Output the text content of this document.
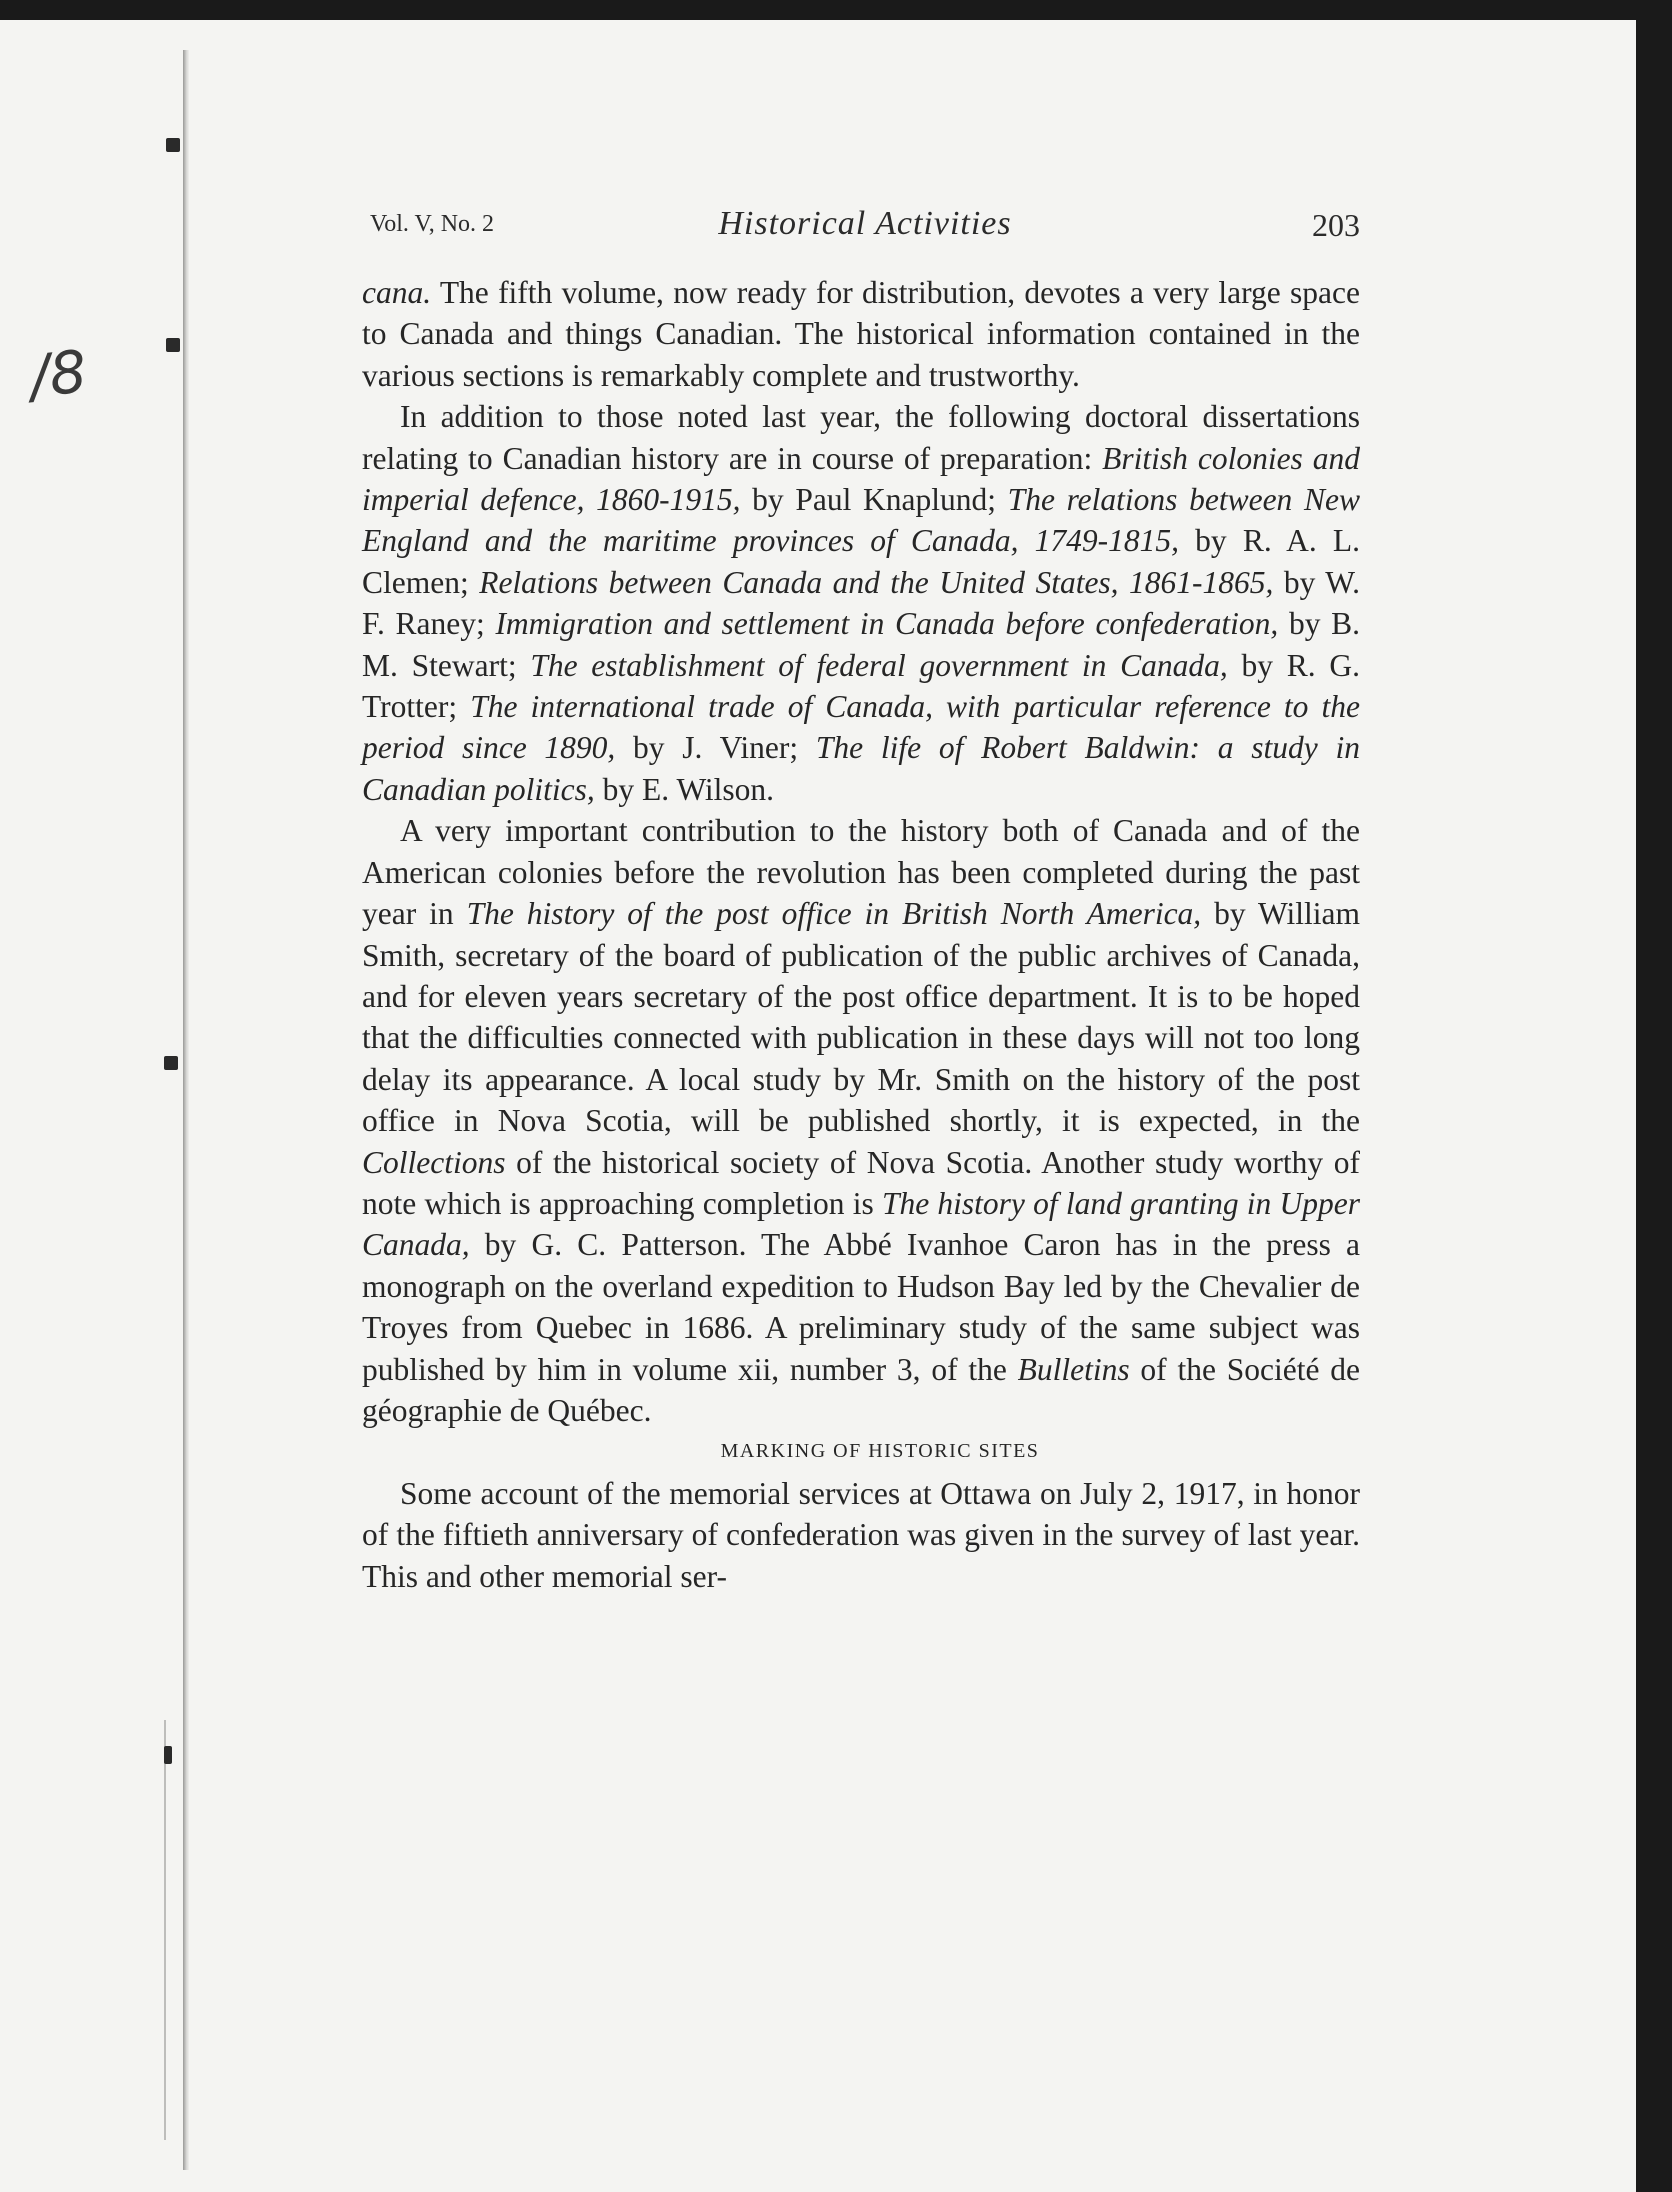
/8
Vol. V, No. 2	Historical Activities	203

cana. The fifth volume, now ready for distribution, devotes a very large space to Canada and things Canadian. The historical information contained in the various sections is remarkably complete and trustworthy.

In addition to those noted last year, the following doctoral dissertations relating to Canadian history are in course of preparation: British colonies and imperial defence, 1860-1915, by Paul Knaplund; The relations between New England and the maritime provinces of Canada, 1749-1815, by R. A. L. Clemen; Relations between Canada and the United States, 1861-1865, by W. F. Raney; Immigration and settlement in Canada before confederation, by B. M. Stewart; The establishment of federal government in Canada, by R. G. Trotter; The international trade of Canada, with particular reference to the period since 1890, by J. Viner; The life of Robert Baldwin: a study in Canadian politics, by E. Wilson.

A very important contribution to the history both of Canada and of the American colonies before the revolution has been completed during the past year in The history of the post office in British North America, by William Smith, secretary of the board of publication of the public archives of Canada, and for eleven years secretary of the post office department. It is to be hoped that the difficulties connected with publication in these days will not too long delay its appearance. A local study by Mr. Smith on the history of the post office in Nova Scotia, will be published shortly, it is expected, in the Collections of the historical society of Nova Scotia. Another study worthy of note which is approaching completion is The history of land granting in Upper Canada, by G. C. Patterson. The Abbé Ivanhoe Caron has in the press a monograph on the overland expedition to Hudson Bay led by the Chevalier de Troyes from Quebec in 1686. A preliminary study of the same subject was published by him in volume xii, number 3, of the Bulletins of the Société de géographie de Québec.

MARKING OF HISTORIC SITES

Some account of the memorial services at Ottawa on July 2, 1917, in honor of the fiftieth anniversary of confederation was given in the survey of last year. This and other memorial ser-
